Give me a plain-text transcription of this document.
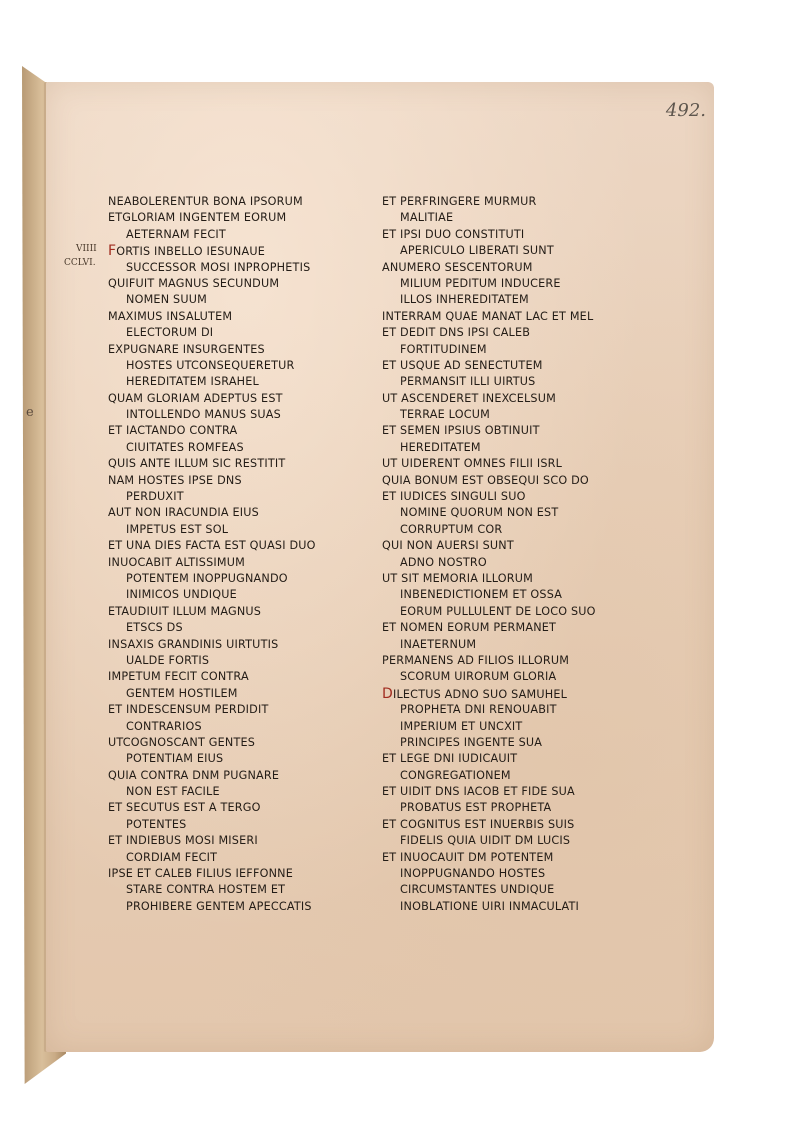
e
492.
NEABOLERENTUR BONA IPSORUM
ETGLORIAM INGENTEM EORUM
AETERNAM FECIT
FORTIS INBELLO IESUNAUE
SUCCESSOR MOSI INPROPHETIS
QUIFUIT MAGNUS SECUNDUM
NOMEN SUUM
MAXIMUS INSALUTEM
ELECTORUM DI
EXPUGNARE INSURGENTES
HOSTES UTCONSEQUERETUR
HEREDITATEM ISRAHEL
QUAM GLORIAM ADEPTUS EST
INTOLLENDO MANUS SUAS
ET IACTANDO CONTRA
CIUITATES ROMFEAS
QUIS ANTE ILLUM SIC RESTITIT
NAM HOSTES IPSE DNS
PERDUXIT
AUT NON IRACUNDIA EIUS
IMPETUS EST SOL
ET UNA DIES FACTA EST QUASI DUO
INUOCABIT ALTISSIMUM
POTENTEM INOPPUGNANDO
INIMICOS UNDIQUE
ETAUDIUIT ILLUM MAGNUS
ETSCS DS
INSAXIS GRANDINIS UIRTUTIS
UALDE FORTIS
IMPETUM FECIT CONTRA
GENTEM HOSTILEM
ET INDESCENSUM PERDIDIT
CONTRARIOS
UTCOGNOSCANT GENTES
POTENTIAM EIUS
QUIA CONTRA DNM PUGNARE
NON EST FACILE
ET SECUTUS EST A TERGO
POTENTES
ET INDIEBUS MOSI MISERI
CORDIAM FECIT
IPSE ET CALEB FILIUS IEFFONNE
STARE CONTRA HOSTEM ET
PROHIBERE GENTEM APECCATIS
ET PERFRINGERE MURMUR
MALITIAE
ET IPSI DUO CONSTITUTI
APERICULO LIBERATI SUNT
ANUMERO SESCENTORUM
MILIUM PEDITUM INDUCERE
ILLOS INHEREDITATEM
INTERRAM QUAE MANAT LAC ET MEL
ET DEDIT DNS IPSI CALEB
FORTITUDINEM
ET USQUE AD SENECTUTEM
PERMANSIT ILLI UIRTUS
UT ASCENDERET INEXCELSUM
TERRAE LOCUM
ET SEMEN IPSIUS OBTINUIT
HEREDITATEM
UT UIDERENT OMNES FILII ISRL
QUIA BONUM EST OBSEQUI SCO DO
ET IUDICES SINGULI SUO
NOMINE QUORUM NON EST
CORRUPTUM COR
QUI NON AUERSI SUNT
ADNO NOSTRO
UT SIT MEMORIA ILLORUM
INBENEDICTIONEM ET OSSA
EORUM PULLULENT DE LOCO SUO
ET NOMEN EORUM PERMANET
INAETERNUM
PERMANENS AD FILIOS ILLORUM
SCORUM UIRORUM GLORIA
DILECTUS ADNO SUO SAMUHEL
PROPHETA DNI RENOUABIT
IMPERIUM ET UNCXIT
PRINCIPES INGENTE SUA
ET LEGE DNI IUDICAUIT
CONGREGATIONEM
ET UIDIT DNS IACOB ET FIDE SUA
PROBATUS EST PROPHETA
ET COGNITUS EST INUERBIS SUIS
FIDELIS QUIA UIDIT DM LUCIS
ET INUOCAUIT DM POTENTEM
INOPPUGNANDO HOSTES
CIRCUMSTANTES UNDIQUE
INOBLATIONE UIRI INMACULATI
VIIII
CCLVI.
